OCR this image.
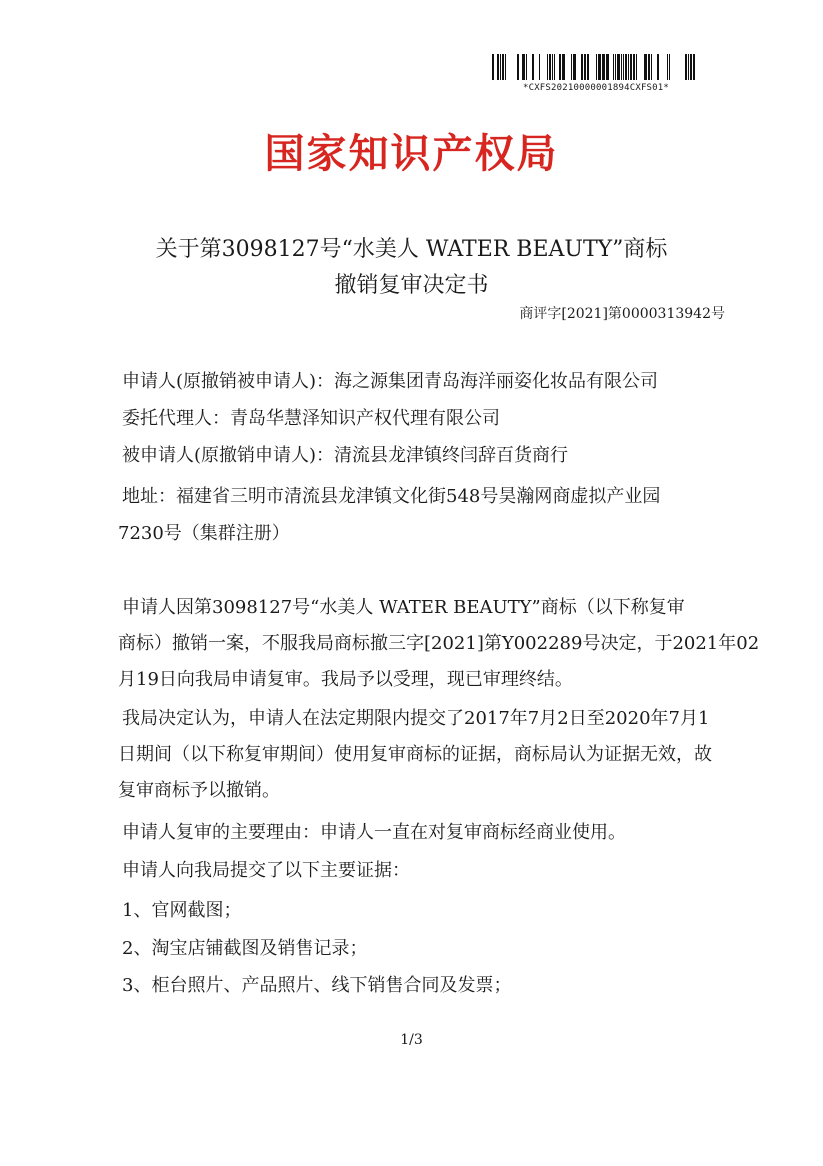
*CXFS20210000001894CXFS01*
国家知识产权局
关于第3098127号“水美人 WATER BEAUTY”商标
撤销复审决定书
商评字[2021]第0000313942号
申请人(原撤销被申请人)：海之源集团青岛海洋丽姿化妆品有限公司
委托代理人：青岛华慧泽知识产权代理有限公司
被申请人(原撤销申请人)：清流县龙津镇终闫辞百货商行
地址：福建省三明市清流县龙津镇文化街548号昊瀚网商虚拟产业园
7230号（集群注册）
申请人因第3098127号“水美人 WATER BEAUTY”商标（以下称复审
商标）撤销一案，不服我局商标撤三字[2021]第Y002289号决定，于2021年02
月19日向我局申请复审。我局予以受理，现已审理终结。
我局决定认为，申请人在法定期限内提交了2017年7月2日至2020年7月1
日期间（以下称复审期间）使用复审商标的证据，商标局认为证据无效，故
复审商标予以撤销。
申请人复审的主要理由：申请人一直在对复审商标经商业使用。
申请人向我局提交了以下主要证据：
1、官网截图；
2、淘宝店铺截图及销售记录；
3、柜台照片、产品照片、线下销售合同及发票；
1/3
